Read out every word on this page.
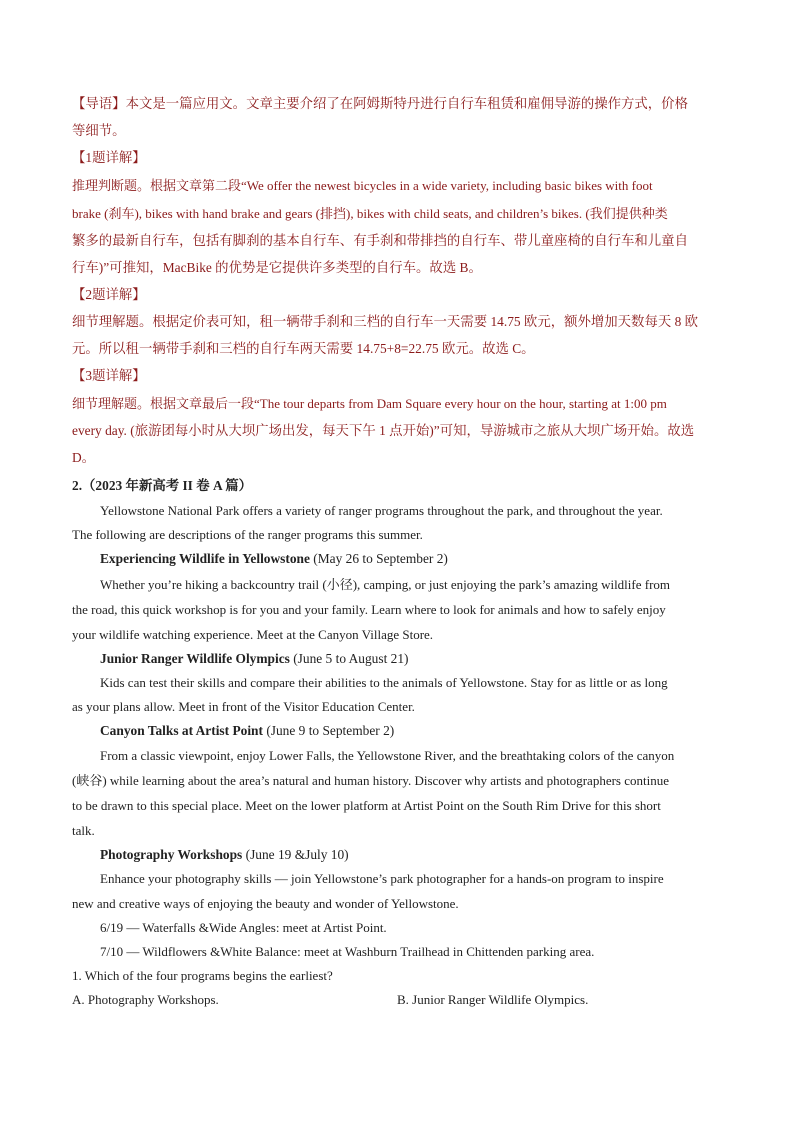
【导语】本文是一篇应用文。文章主要介绍了在阿姆斯特丹进行自行车租赁和雇佣导游的操作方式，价格
等细节。
【1题详解】
推理判断题。根据文章第二段“We offer the newest bicycles in a wide variety, including basic bikes with foot
brake (刹车), bikes with hand brake and gears (排挡), bikes with child seats, and children’s bikes. (我们提供种类
繁多的最新自行车，包括有脚刹的基本自行车、有手刹和带排挡的自行车、带儿童座椅的自行车和儿童自
行车)”可推知，MacBike 的优势是它提供许多类型的自行车。故选 B。
【2题详解】
细节理解题。根据定价表可知，租一辆带手刹和三档的自行车一天需要 14.75 欧元，额外增加天数每天 8 欧
元。所以租一辆带手刹和三档的自行车两天需要 14.75+8=22.75 欧元。故选 C。
【3题详解】
细节理解题。根据文章最后一段“The tour departs from Dam Square every hour on the hour, starting at 1:00 pm
every day. (旅游团每小时从大坝广场出发，每天下午 1 点开始)”可知，导游城市之旅从大坝广场开始。故选
D。
2.（2023 年新高考 II 卷 A 篇）
Yellowstone National Park offers a variety of ranger programs throughout the park, and throughout the year.
The following are descriptions of the ranger programs this summer.
Experiencing Wildlife in Yellowstone (May 26 to September 2)
Whether you’re hiking a backcountry trail (小径), camping, or just enjoying the park’s amazing wildlife from
the road, this quick workshop is for you and your family. Learn where to look for animals and how to safely enjoy
your wildlife watching experience. Meet at the Canyon Village Store.
Junior Ranger Wildlife Olympics (June 5 to August 21)
Kids can test their skills and compare their abilities to the animals of Yellowstone. Stay for as little or as long
as your plans allow. Meet in front of the Visitor Education Center.
Canyon Talks at Artist Point (June 9 to September 2)
From a classic viewpoint, enjoy Lower Falls, the Yellowstone River, and the breathtaking colors of the canyon
(峡谷) while learning about the area’s natural and human history. Discover why artists and photographers continue
to be drawn to this special place. Meet on the lower platform at Artist Point on the South Rim Drive for this short
talk.
Photography Workshops (June 19 &July 10)
Enhance your photography skills — join Yellowstone’s park photographer for a hands-on program to inspire
new and creative ways of enjoying the beauty and wonder of Yellowstone.
6/19 — Waterfalls &Wide Angles: meet at Artist Point.
7/10 — Wildflowers &White Balance: meet at Washburn Trailhead in Chittenden parking area.
1. Which of the four programs begins the earliest?
A. Photography Workshops.	B. Junior Ranger Wildlife Olympics.
